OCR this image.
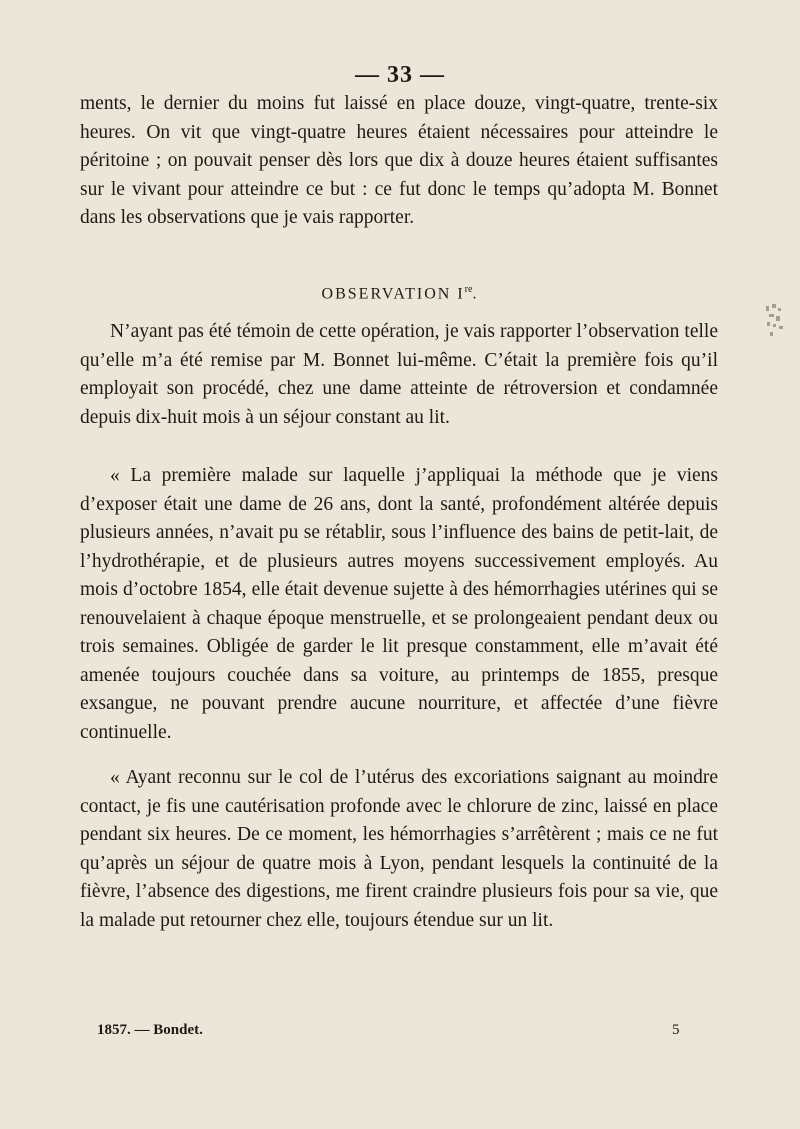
— 33 —

ments, le dernier du moins fut laissé en place douze, vingt-quatre, trente-six heures. On vit que vingt-quatre heures étaient nécessaires pour atteindre le péritoine ; on pouvait penser dès lors que dix à douze heures étaient suffisantes sur le vivant pour atteindre ce but : ce fut donc le temps qu’adopta M. Bonnet dans les observations que je vais rapporter.

OBSERVATION Ire.

N’ayant pas été témoin de cette opération, je vais rapporter l’observation telle qu’elle m’a été remise par M. Bonnet lui-même. C’était la première fois qu’il employait son procédé, chez une dame atteinte de rétroversion et condamnée depuis dix-huit mois à un séjour constant au lit.

« La première malade sur laquelle j’appliquai la méthode que je viens d’exposer était une dame de 26 ans, dont la santé, profondément altérée depuis plusieurs années, n’avait pu se rétablir, sous l’influence des bains de petit-lait, de l’hydrothérapie, et de plusieurs autres moyens successivement employés. Au mois d’octobre 1854, elle était devenue sujette à des hémorrhagies utérines qui se renouvelaient à chaque époque menstruelle, et se prolongeaient pendant deux ou trois semaines. Obligée de garder le lit presque constamment, elle m’avait été amenée toujours couchée dans sa voiture, au printemps de 1855, presque exsangue, ne pouvant prendre aucune nourriture, et affectée d’une fièvre continuelle.

« Ayant reconnu sur le col de l’utérus des excoriations saignant au moindre contact, je fis une cautérisation profonde avec le chlorure de zinc, laissé en place pendant six heures. De ce moment, les hémorrhagies s’arrêtèrent ; mais ce ne fut qu’après un séjour de quatre mois à Lyon, pendant lesquels la continuité de la fièvre, l’absence des digestions, me firent craindre plusieurs fois pour sa vie, que la malade put retourner chez elle, toujours étendue sur un lit.

1857. — Bondet.	5
